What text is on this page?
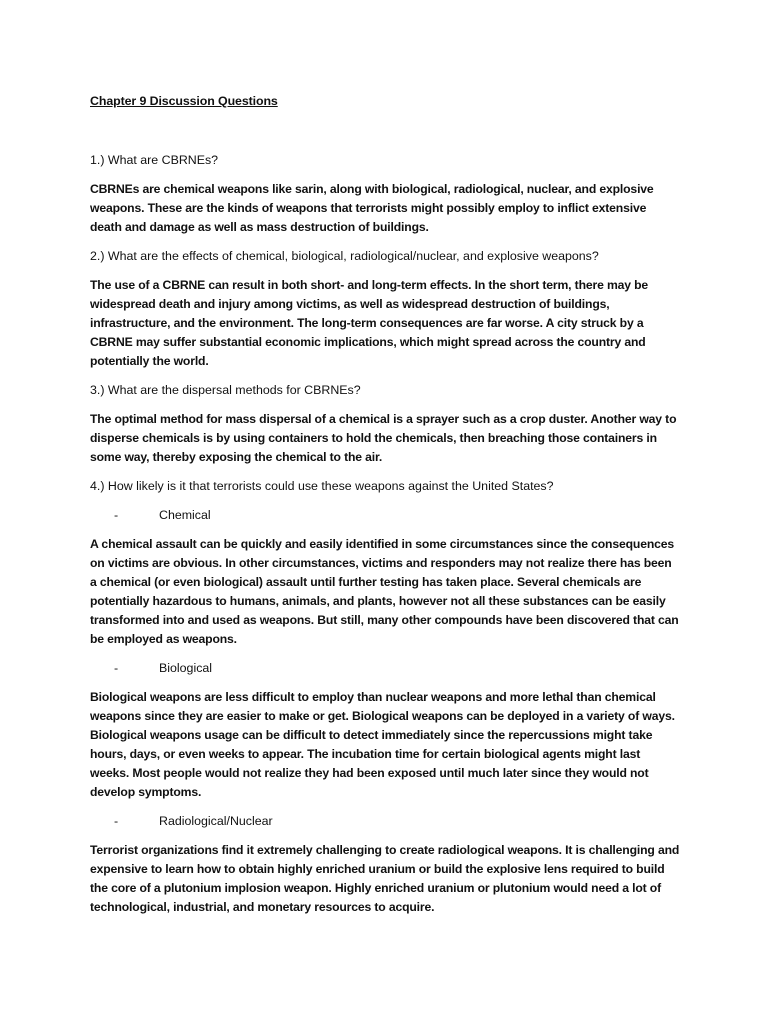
Chapter 9 Discussion Questions

1.) What are CBRNEs?

CBRNEs are chemical weapons like sarin, along with biological, radiological, nuclear, and explosive weapons. These are the kinds of weapons that terrorists might possibly employ to inflict extensive death and damage as well as mass destruction of buildings.

2.) What are the effects of chemical, biological, radiological/nuclear, and explosive weapons?

The use of a CBRNE can result in both short- and long-term effects. In the short term, there may be widespread death and injury among victims, as well as widespread destruction of buildings, infrastructure, and the environment. The long-term consequences are far worse. A city struck by a CBRNE may suffer substantial economic implications, which might spread across the country and potentially the world.

3.) What are the dispersal methods for CBRNEs?

The optimal method for mass dispersal of a chemical is a sprayer such as a crop duster. Another way to disperse chemicals is by using containers to hold the chemicals, then breaching those containers in some way, thereby exposing the chemical to the air.

4.) How likely is it that terrorists could use these weapons against the United States?

-	Chemical

A chemical assault can be quickly and easily identified in some circumstances since the consequences on victims are obvious. In other circumstances, victims and responders may not realize there has been a chemical (or even biological) assault until further testing has taken place. Several chemicals are potentially hazardous to humans, animals, and plants, however not all these substances can be easily transformed into and used as weapons. But still, many other compounds have been discovered that can be employed as weapons.

-	Biological

Biological weapons are less difficult to employ than nuclear weapons and more lethal than chemical weapons since they are easier to make or get. Biological weapons can be deployed in a variety of ways. Biological weapons usage can be difficult to detect immediately since the repercussions might take hours, days, or even weeks to appear. The incubation time for certain biological agents might last weeks. Most people would not realize they had been exposed until much later since they would not develop symptoms.

-	Radiological/Nuclear

Terrorist organizations find it extremely challenging to create radiological weapons. It is challenging and expensive to learn how to obtain highly enriched uranium or build the explosive lens required to build the core of a plutonium implosion weapon. Highly enriched uranium or plutonium would need a lot of technological, industrial, and monetary resources to acquire.
